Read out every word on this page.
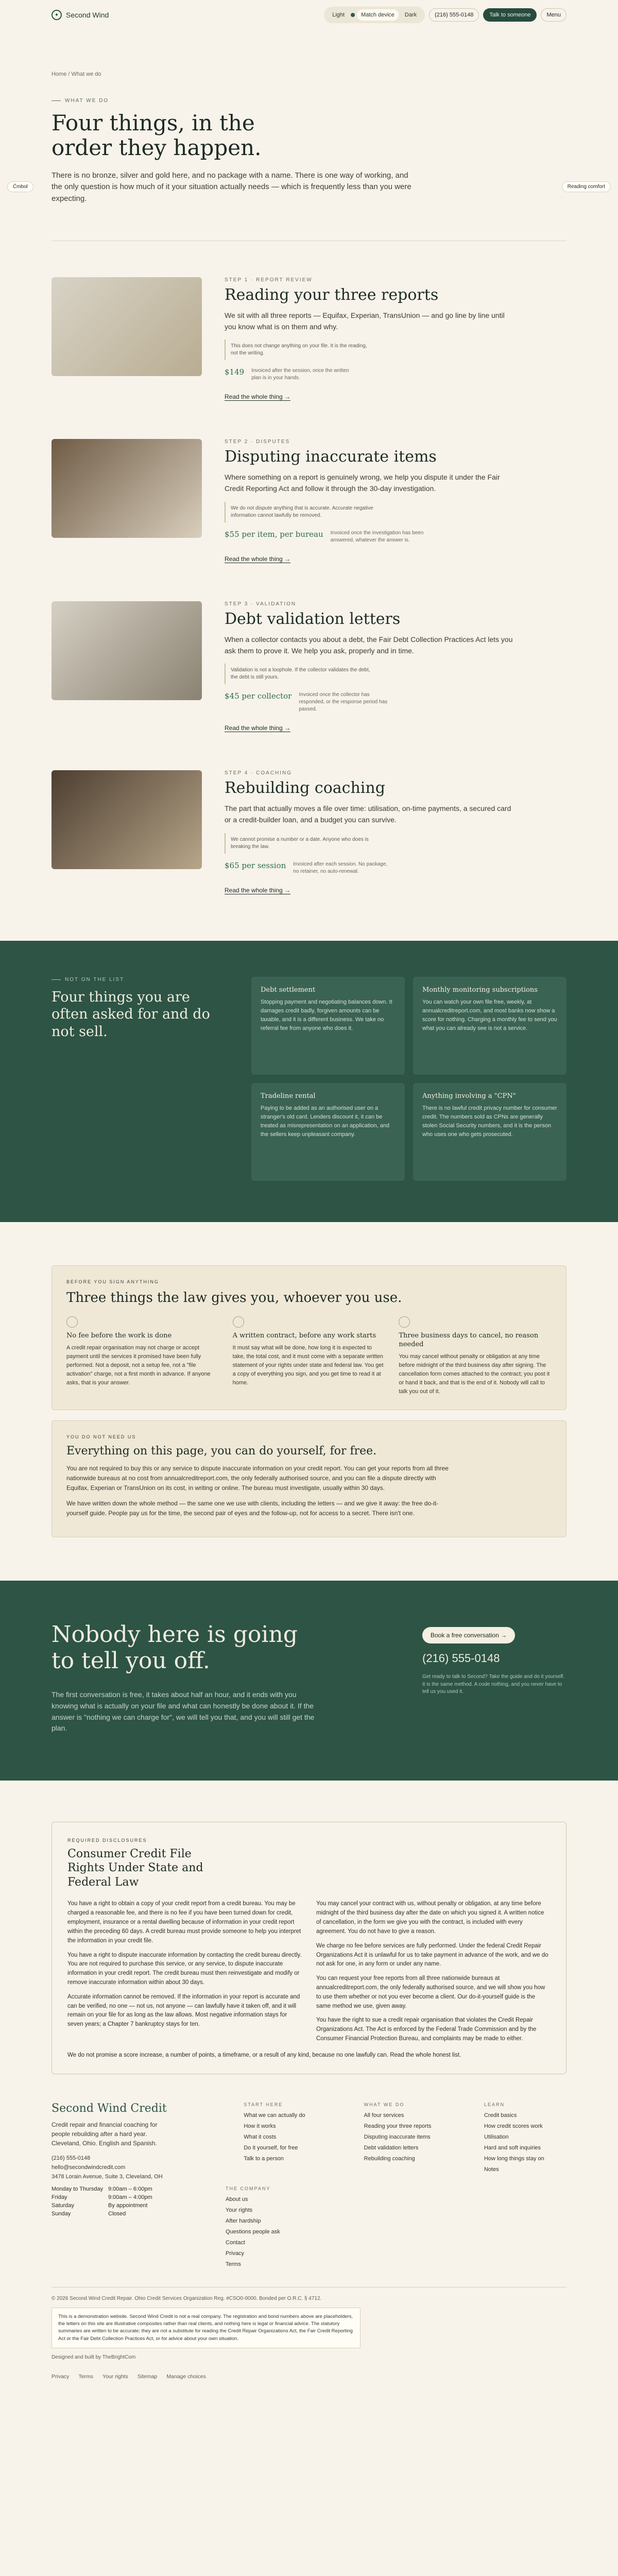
✦ Second Wind	Light	Match device	Dark	(216) 555-0148	Talk to someone	Menu
Home / What we do
WHAT WE DO
Four things, in the order they happen.

There is no bronze, silver and gold here, and no package with a name. There is one way of working, and the only question is how much of it your situation actually needs — which is frequently less than you were expecting.

Ćmbol	Reading comfort
STEP 1 · REPORT REVIEW
Reading your three reports

We sit with all three reports — Equifax, Experian, TransUnion — and go line by line until you know what is on them and why.

This does not change anything on your file. It is the reading, not the writing.
$149 Invoiced after the session, once the written plan is in your hands.
Read the whole thing →
STEP 2 · DISPUTES
Disputing inaccurate items

Where something on a report is genuinely wrong, we help you dispute it under the Fair Credit Reporting Act and follow it through the 30-day investigation.

We do not dispute anything that is accurate. Accurate negative information cannot lawfully be removed.
$55 per item, per bureau Invoiced once the investigation has been answered, whatever the answer is.
Read the whole thing →
STEP 3 · VALIDATION
Debt validation letters

When a collector contacts you about a debt, the Fair Debt Collection Practices Act lets you ask them to prove it. We help you ask, properly and in time.

Validation is not a loophole. If the collector validates the debt, the debt is still yours.
$45 per collector Invoiced once the collector has responded, or the response period has passed.
Read the whole thing →
STEP 4 · COACHING
Rebuilding coaching

The part that actually moves a file over time: utilisation, on-time payments, a secured card or a credit-builder loan, and a budget you can survive.

We cannot promise a number or a date. Anyone who does is breaking the law.
$65 per session Invoiced after each session. No package, no retainer, no auto-renewal.
Read the whole thing →
NOT ON THE LIST
Four things you are often asked for and do not sell.
Debt settlement

Stopping payment and negotiating balances down. It damages credit badly, forgiven amounts can be taxable, and it is a different business. We take no referral fee from anyone who does it.

Monthly monitoring subscriptions

You can watch your own file free, weekly, at annualcreditreport.com, and most banks now show a score for nothing. Charging a monthly fee to send you what you can already see is not a service.

Tradeline rental

Paying to be added as an authorised user on a stranger's old card. Lenders discount it, it can be treated as misrepresentation on an application, and the sellers keep unpleasant company.

Anything involving a "CPN"

There is no lawful credit privacy number for consumer credit. The numbers sold as CPNs are generally stolen Social Security numbers, and it is the person who uses one who gets prosecuted.

BEFORE YOU SIGN ANYTHING
Three things the law gives you, whoever you use.
No fee before the work is done

A credit repair organisation may not charge or accept payment until the services it promised have been fully performed. Not a deposit, not a setup fee, not a "file activation" charge, not a first month in advance. If anyone asks, that is your answer.

A written contract, before any work starts

It must say what will be done, how long it is expected to take, the total cost, and it must come with a separate written statement of your rights under state and federal law. You get a copy of everything you sign, and you get time to read it at home.

Three business days to cancel, no reason needed

You may cancel without penalty or obligation at any time before midnight of the third business day after signing. The cancellation form comes attached to the contract; you post it or hand it back, and that is the end of it. Nobody will call to talk you out of it.

YOU DO NOT NEED US
Everything on this page, you can do yourself, for free.

You are not required to buy this or any service to dispute inaccurate information on your credit report. You can get your reports from all three nationwide bureaus at no cost from annualcreditreport.com, the only federally authorised source, and you can file a dispute directly with Equifax, Experian or TransUnion on its cost, in writing or online. The bureau must investigate, usually within 30 days.

We have written down the whole method — the same one we use with clients, including the letters — and we give it away: the free do-it-yourself guide. People pay us for the time, the second pair of eyes and the follow-up, not for access to a secret. There isn't one.

Nobody here is going to tell you off.

The first conversation is free, it takes about half an hour, and it ends with you knowing what is actually on your file and what can honestly be done about it. If the answer is "nothing we can charge for", we will tell you that, and you will still get the plan.

Book a free conversation →
(216) 555-0148
Get ready to talk to Second? Take the guide and do it yourself. It is the same method. A code nothing, and you never have to tell us you used it.
REQUIRED DISCLOSURES
Consumer Credit File Rights Under State and Federal Law

You have a right to obtain a copy of your credit report from a credit bureau. You may be charged a reasonable fee, and there is no fee if you have been turned down for credit, employment, insurance or a rental dwelling because of information in your credit report within the preceding 60 days. A credit bureau must provide someone to help you interpret the information in your credit file.

You have a right to dispute inaccurate information by contacting the credit bureau directly. You are not required to purchase this service, or any service, to dispute inaccurate information in your credit report. The credit bureau must then reinvestigate and modify or remove inaccurate information within about 30 days.

Accurate information cannot be removed. If the information in your report is accurate and can be verified, no one — not us, not anyone — can lawfully have it taken off, and it will remain on your file for as long as the law allows. Most negative information stays for seven years; a Chapter 7 bankruptcy stays for ten.

You may cancel your contract with us, without penalty or obligation, at any time before midnight of the third business day after the date on which you signed it. A written notice of cancellation, in the form we give you with the contract, is included with every agreement. You do not have to give a reason.

We charge no fee before services are fully performed. Under the federal Credit Repair Organizations Act it is unlawful for us to take payment in advance of the work, and we do not ask for one, in any form or under any name.

You can request your free reports from all three nationwide bureaus at annualcreditreport.com, the only federally authorised source, and we will show you how to use them whether or not you ever become a client. Our do-it-yourself guide is the same method we use, given away.

You have the right to sue a credit repair organisation that violates the Credit Repair Organizations Act. The Act is enforced by the Federal Trade Commission and by the Consumer Financial Protection Bureau, and complaints may be made to either.

We do not promise a score increase, a number of points, a timeframe, or a result of any kind, because no one lawfully can. Read the whole honest list.

Second Wind Credit

Credit repair and financial coaching for people rebuilding after a hard year. Cleveland, Ohio. English and Spanish.

(216) 555-0148
hello@secondwindcredit.com
3478 Lorain Avenue, Suite 3, Cleveland, OH
Monday to Thursday 9:00am – 6:00pm
Friday	9:00am – 4:00pm
Saturday	By appointment
Sunday	Closed
START HERE
What we can actually do
How it works
What it costs
Do it yourself, for free
Talk to a person
WHAT WE DO
All four services
Reading your three reports
Disputing inaccurate items
Debt validation letters
Rebuilding coaching
LEARN
Credit basics
How credit scores work
Utilisation
Hard and soft inquiries
How long things stay on
Notes
THE COMPANY
About us
Your rights
After hardship
Questions people ask
Contact
Privacy
Terms
© 2026 Second Wind Credit Repair. Ohio Credit Services Organization Reg. #CSO0-0000. Bonded per O.R.C. § 4712.
This is a demonstration website. Second Wind Credit is not a real company. The registration and bond numbers above are placeholders, the letters on this site are illustrative composites rather than real clients, and nothing here is legal or financial advice. The statutory summaries are written to be accurate; they are not a substitute for reading the Credit Repair Organizations Act, the Fair Credit Reporting Act or the Fair Debt Collection Practices Act, or for advice about your own situation.
Designed and built by TheBrightCom
Privacy Terms Your rights Sitemap Manage choices
